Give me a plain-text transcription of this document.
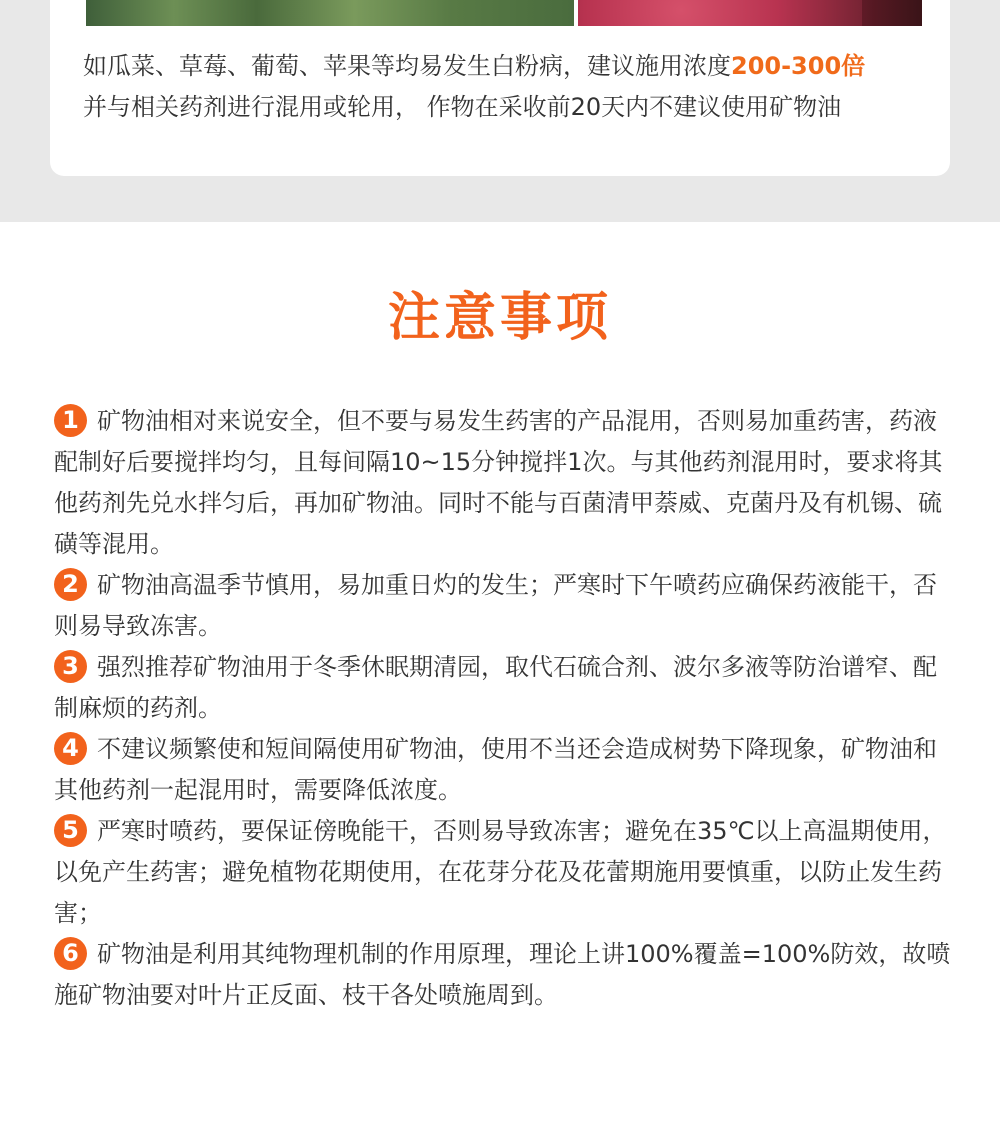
如瓜菜、草莓、葡萄、苹果等均易发生白粉病，建议施用浓度200-300倍
并与相关药剂进行混用或轮用， 作物在采收前20天内不建议使用矿物油
注意事项

1 矿物油相对来说安全，但不要与易发生药害的产品混用，否则易加重药害，药液配制好后要搅拌均匀，且每间隔10~15分钟搅拌1次。与其他药剂混用时，要求将其他药剂先兑水拌匀后，再加矿物油。同时不能与百菌清甲萘威、克菌丹及有机锡、硫磺等混用。

2 矿物油高温季节慎用，易加重日灼的发生；严寒时下午喷药应确保药液能干，否则易导致冻害。

3 强烈推荐矿物油用于冬季休眠期清园，取代石硫合剂、波尔多液等防治谱窄、配制麻烦的药剂。

4 不建议频繁使和短间隔使用矿物油，使用不当还会造成树势下降现象，矿物油和其他药剂一起混用时，需要降低浓度。

5 严寒时喷药，要保证傍晚能干，否则易导致冻害；避免在35℃以上高温期使用，以免产生药害；避免植物花期使用，在花芽分花及花蕾期施用要慎重，以防止发生药害；

6 矿物油是利用其纯物理机制的作用原理，理论上讲100%覆盖=100%防效，故喷施矿物油要对叶片正反面、枝干各处喷施周到。
